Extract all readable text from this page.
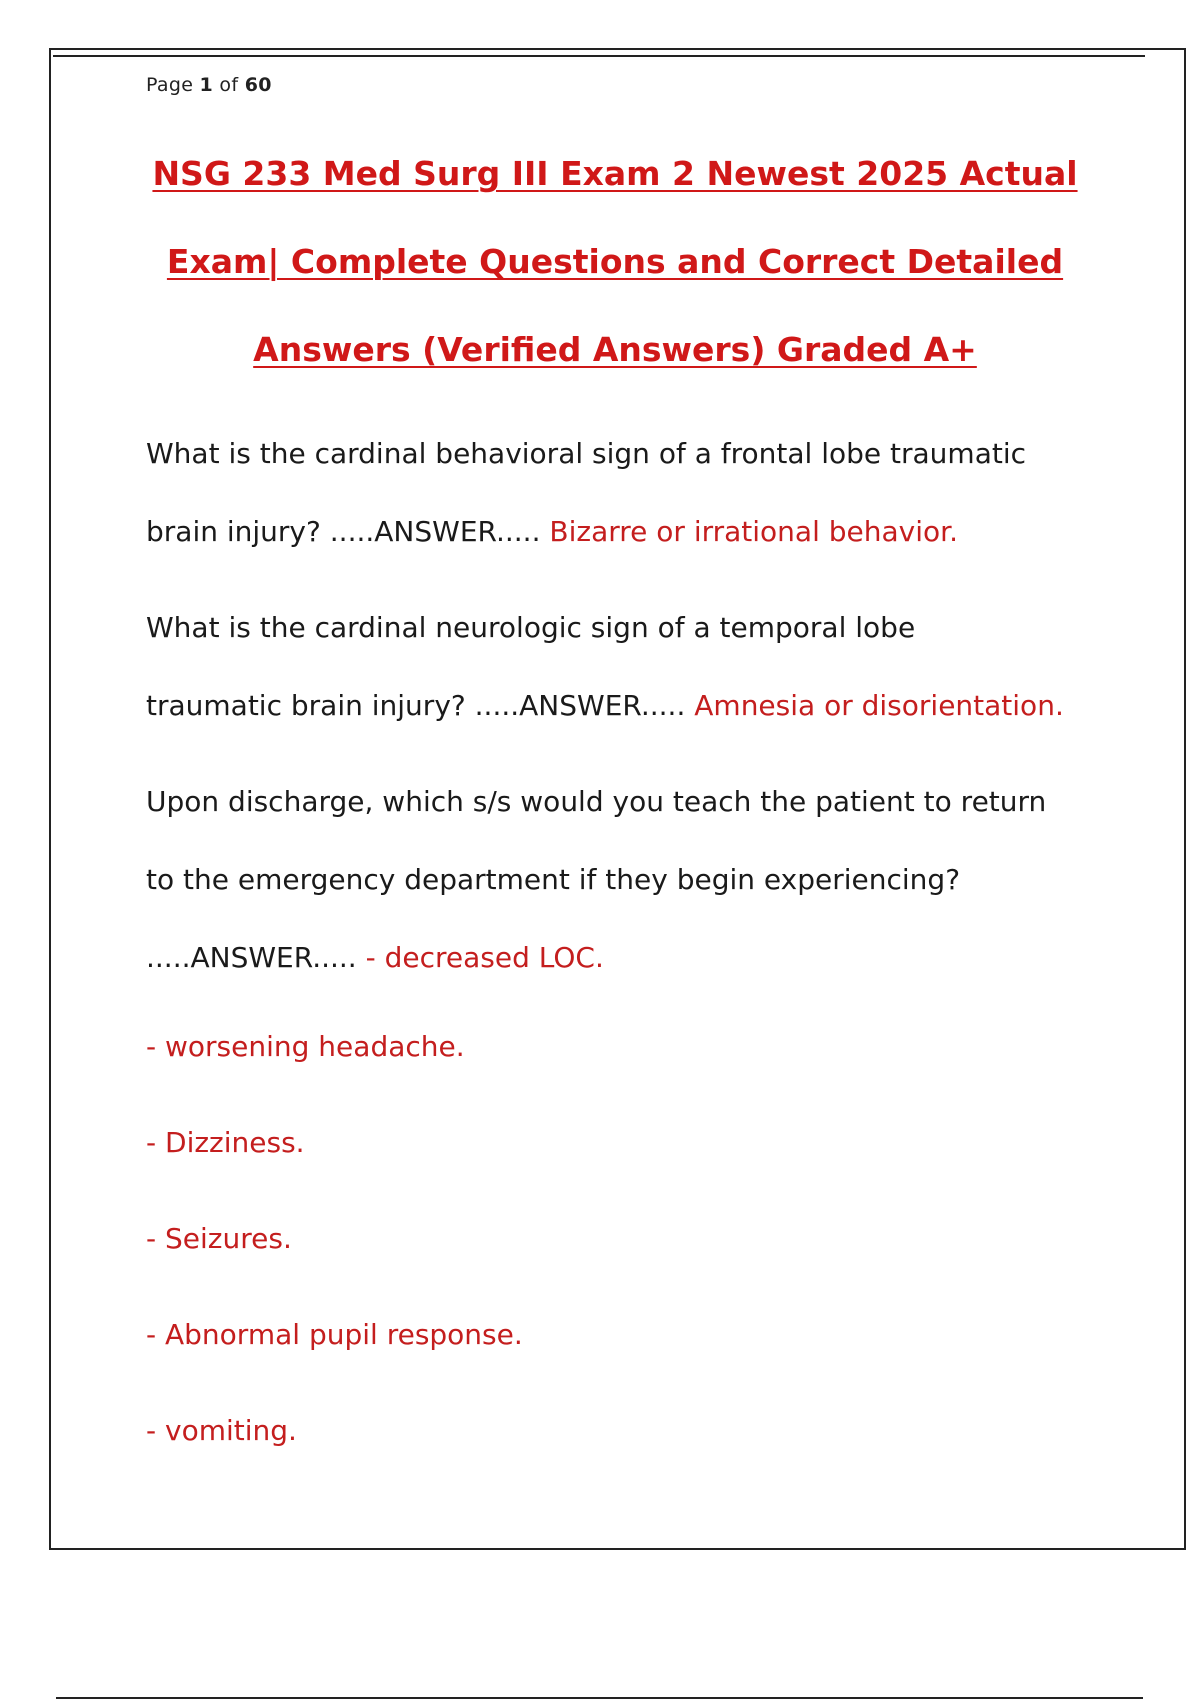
Page 1 of 60
NSG 233 Med Surg III Exam 2 Newest 2025 Actual
Exam| Complete Questions and Correct Detailed
Answers (Verified Answers) Graded A+
What is the cardinal behavioral sign of a frontal lobe traumatic
brain injury? .....ANSWER..... Bizarre or irrational behavior.
What is the cardinal neurologic sign of a temporal lobe
traumatic brain injury? .....ANSWER..... Amnesia or disorientation.
Upon discharge, which s/s would you teach the patient to return
to the emergency department if they begin experiencing?
.....ANSWER..... - decreased LOC.
- worsening headache.
- Dizziness.
- Seizures.
- Abnormal pupil response.
- vomiting.
